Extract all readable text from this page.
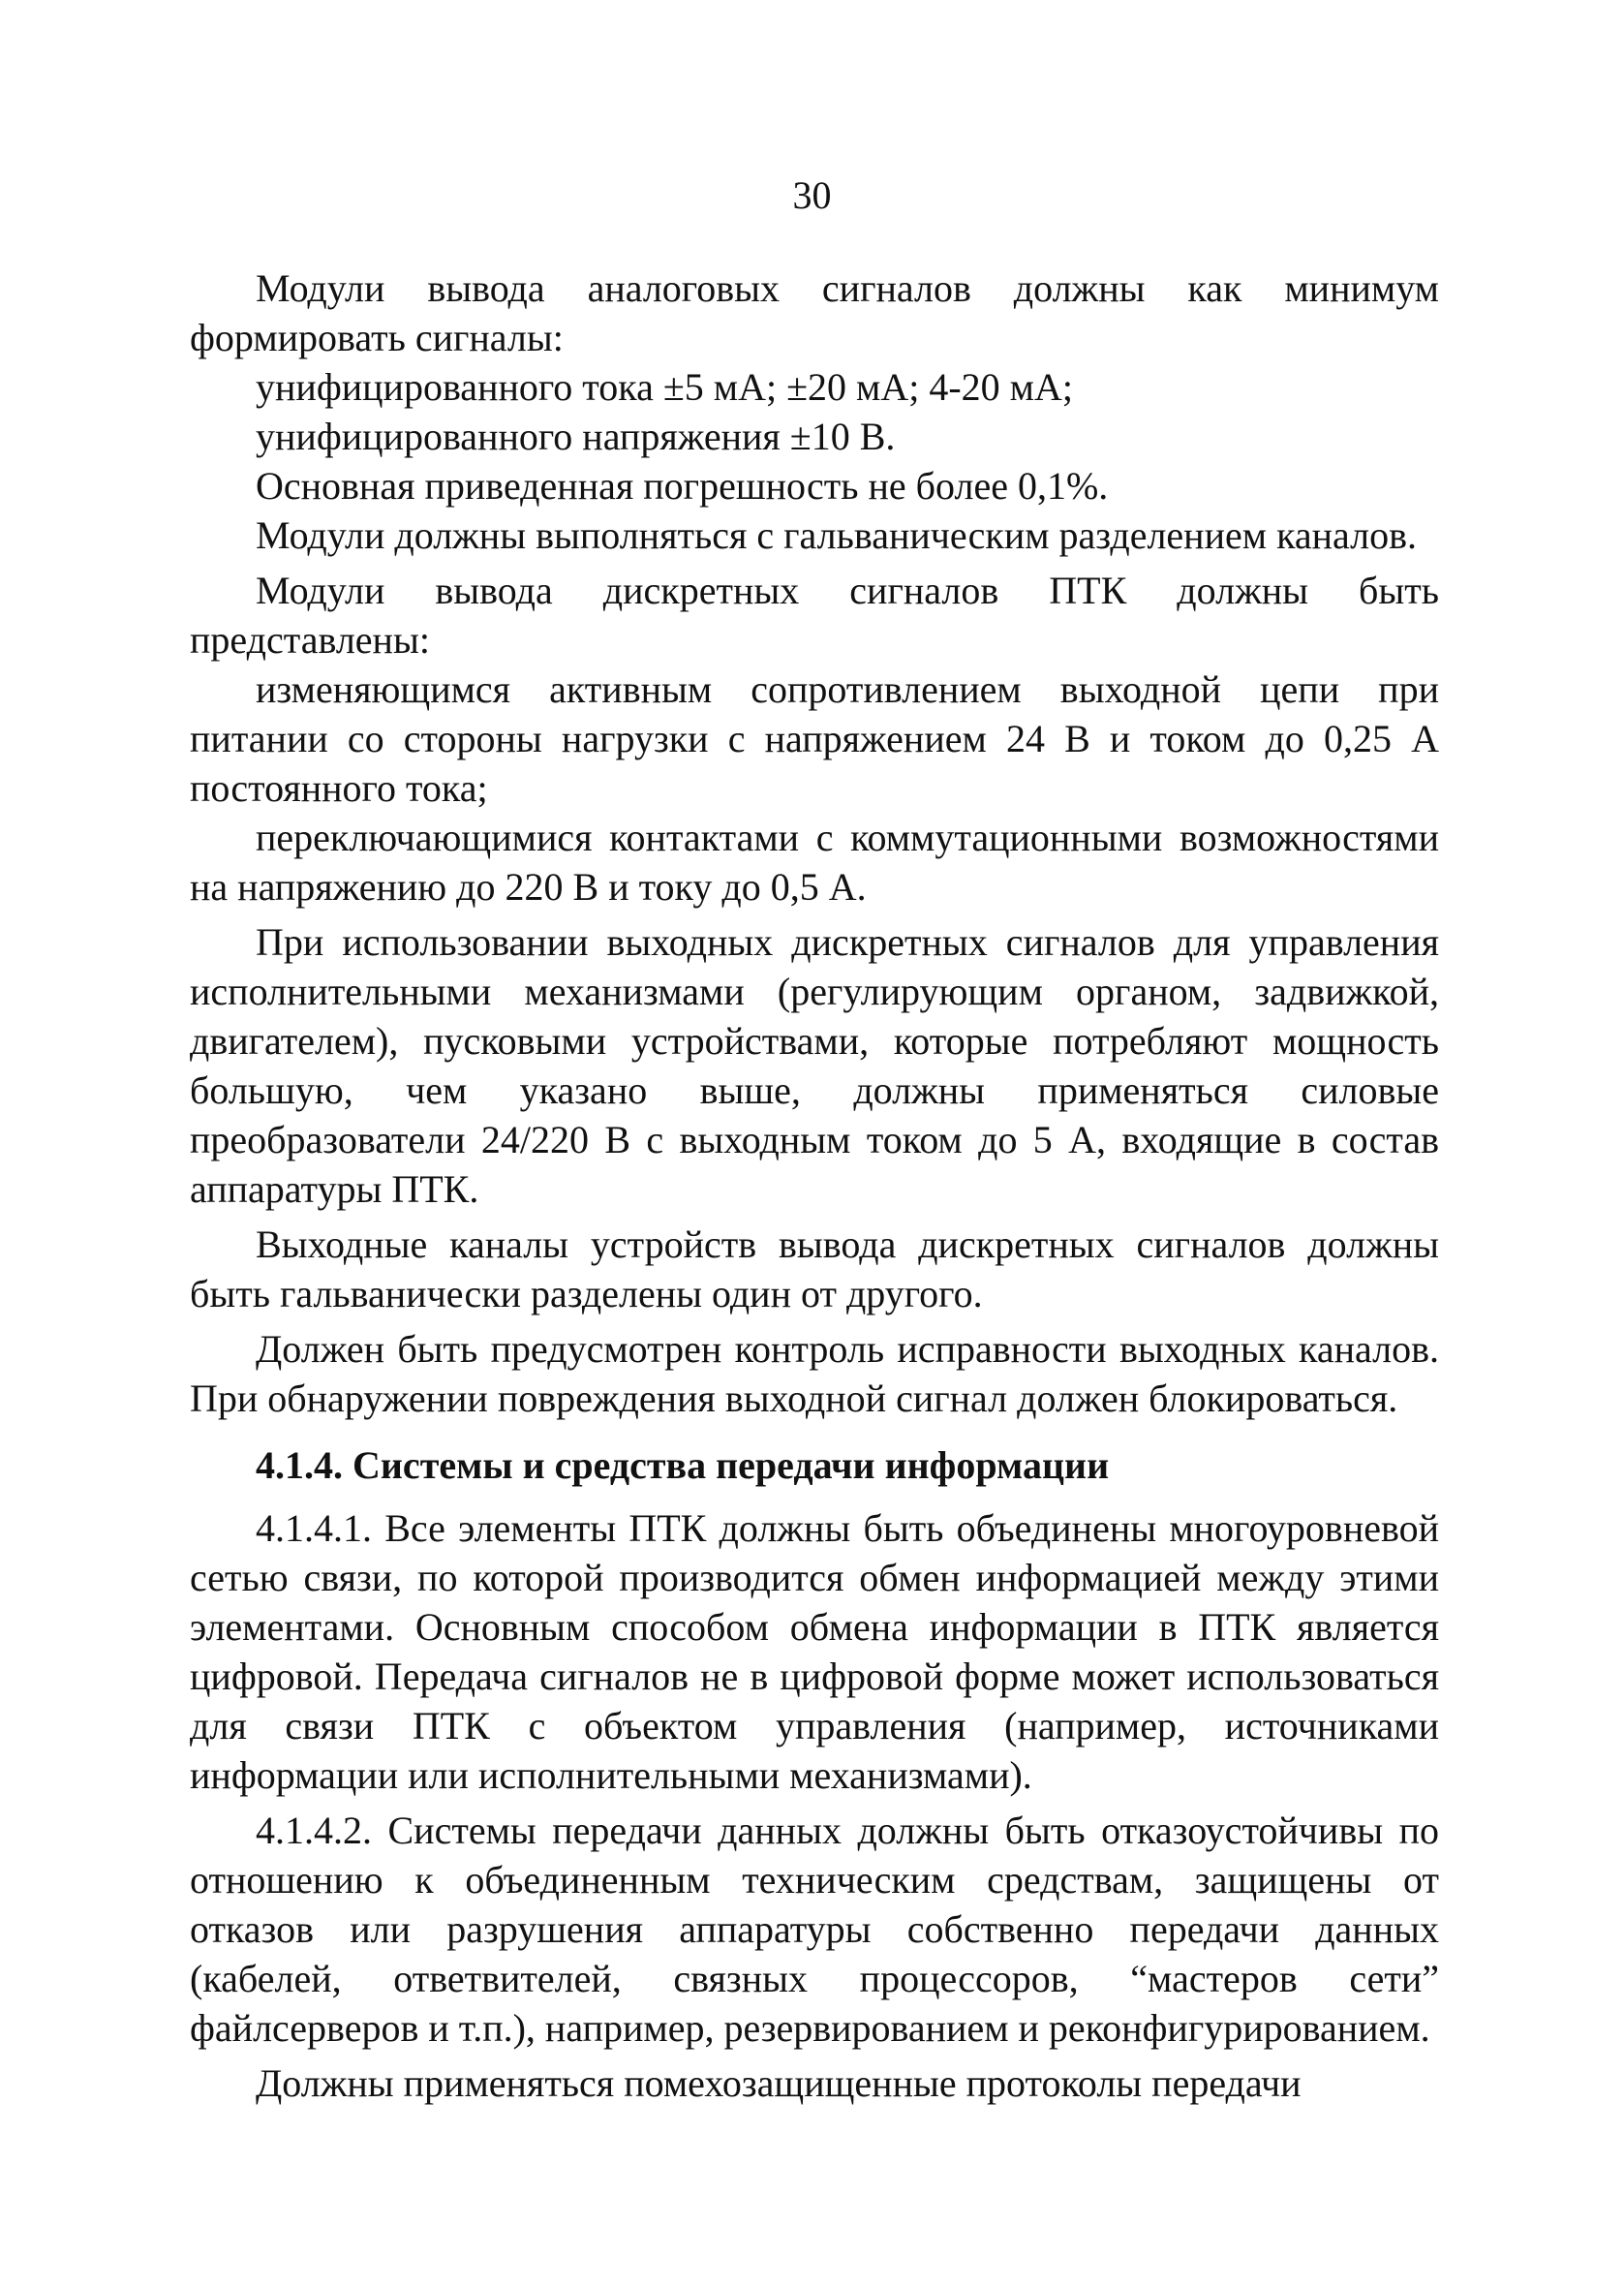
30

Модули вывода аналоговых сигналов должны как минимум формировать сигналы:

унифицированного тока ±5 мА; ±20 мА; 4-20 мА;

унифицированного напряжения ±10 В.

Основная приведенная погрешность не более 0,1%.

Модули должны выполняться с гальваническим разделением каналов.

Модули вывода дискретных сигналов ПТК должны быть представлены:

изменяющимся активным сопротивлением выходной цепи при питании со стороны нагрузки с напряжением 24 В и током до 0,25 А постоянного тока;

переключающимися контактами с коммутационными возможностями на напряжению до 220 В и току до 0,5 А.

При использовании выходных дискретных сигналов для управления исполнительными механизмами (регулирующим органом, задвижкой, двигателем), пусковыми устройствами, которые потребляют мощность большую, чем указано выше, должны применяться силовые преобразователи 24/220 В с выходным током до 5 А, входящие в состав аппаратуры ПТК.

Выходные каналы устройств вывода дискретных сигналов должны быть гальванически разделены один от другого.

Должен быть предусмотрен контроль исправности выходных каналов. При обнаружении повреждения выходной сигнал должен блокироваться.

4.1.4. Системы и средства передачи информации

4.1.4.1. Все элементы ПТК должны быть объединены многоуровневой сетью связи, по которой производится обмен информацией между этими элементами. Основным способом обмена информации в ПТК является цифровой. Передача сигналов не в цифровой форме может использоваться для связи ПТК с объектом управления (например, источниками информации или исполнительными механизмами).

4.1.4.2. Системы передачи данных должны быть отказоустойчивы по отношению к объединенным техническим средствам, защищены от отказов или разрушения аппаратуры собственно передачи данных (кабелей, ответвителей, связных процессоров, “мастеров сети” файлсерверов и т.п.), например, резервированием и реконфигурированием.

Должны применяться помехозащищенные протоколы передачи
